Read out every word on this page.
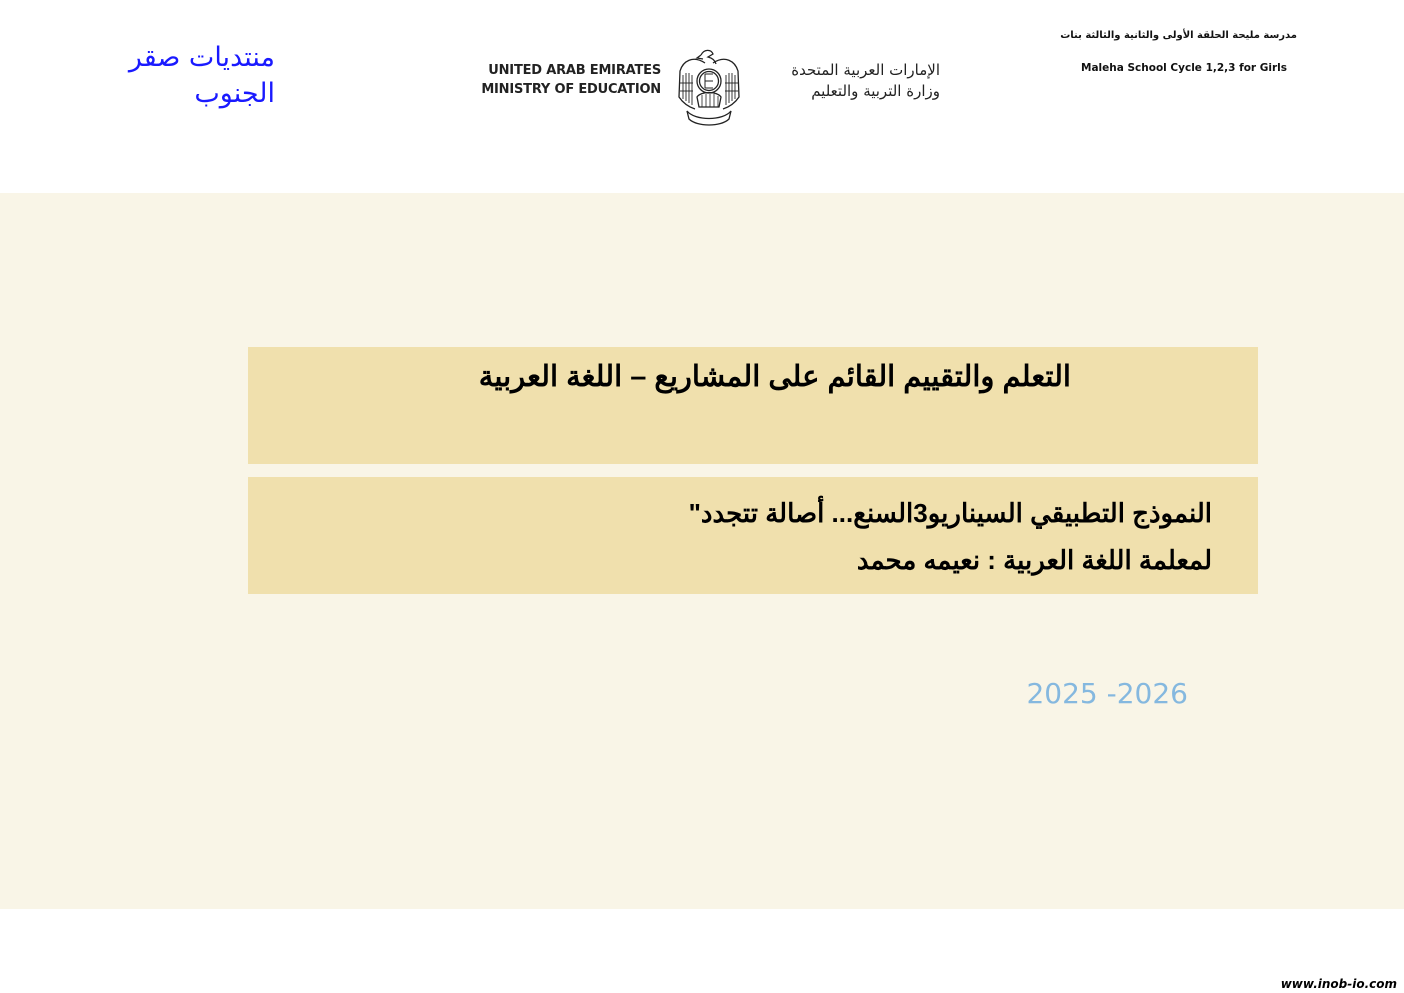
منتديات صقر الجنوب
UNITED ARAB EMIRATES
MINISTRY OF EDUCATION
الإمارات العربية المتحدة
وزارة التربية والتعليم
مدرسة مليحة الحلقة الأولى والثانية والثالثة بنات
Maleha School Cycle 1,2,3 for Girls
التعلم والتقييم القائم على المشاريع – اللغة العربية
النموذج التطبيقي السيناريو3السنع... أصالة تتجدد"
لمعلمة اللغة العربية : نعيمه محمد
2025 -2026
www.inob-io.com
